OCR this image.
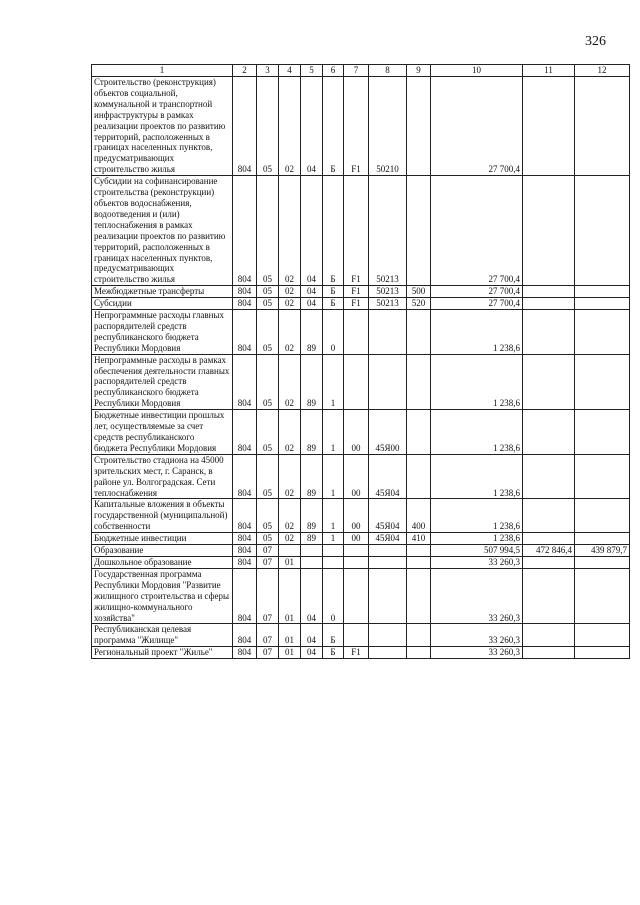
326
1	2	3	4	5	6	7	8	9	10	11	12
Строительство (реконструкция) объектов социальной, коммунальной и транспортной инфраструктуры в рамках реализации проектов по развитию территорий, расположенных в границах населенных пунктов, предусматривающих строительство жилья	804	05	02	04	Б	F1	50210		27 700,4		
Субсидии на софинансирование строительства (реконструкции) объектов водоснабжения, водоотведения и (или) теплоснабжения в рамках реализации проектов по развитию территорий, расположенных в границах населенных пунктов, предусматривающих строительство жилья	804	05	02	04	Б	F1	50213		27 700,4		
Межбюджетные трансферты	804	05	02	04	Б	F1	50213	500	27 700,4		
Субсидии	804	05	02	04	Б	F1	50213	520	27 700,4		
Непрограммные расходы главных распорядителей средств республиканского бюджета Республики Мордовия	804	05	02	89	0				1 238,6		
Непрограммные расходы в рамках обеспечения деятельности главных распорядителей средств республиканского бюджета Республики Мордовия	804	05	02	89	1				1 238,6		
Бюджетные инвестиции прошлых лет, осуществляемые за счет средств республиканского бюджета Республики Мордовия	804	05	02	89	1	00	45Я00		1 238,6		
Строительство стадиона на 45000 зрительских мест, г. Саранск, в районе ул. Волгоградская. Сети теплоснабжения	804	05	02	89	1	00	45Я04		1 238,6		
Капитальные вложения в объекты государственной (муниципальной) собственности	804	05	02	89	1	00	45Я04	400	1 238,6		
Бюджетные инвестиции	804	05	02	89	1	00	45Я04	410	1 238,6		
Образование	804	07							507 994,5	472 846,4	439 879,7
Дошкольное образование	804	07	01						33 260,3		
Государственная программа Республики Мордовия "Развитие жилищного строительства и сферы жилищно-коммунального хозяйства"	804	07	01	04	0				33 260,3		
Республиканская целевая программа "Жилище"	804	07	01	04	Б				33 260,3		
Региональный проект "Жилье"	804	07	01	04	Б	F1			33 260,3		
